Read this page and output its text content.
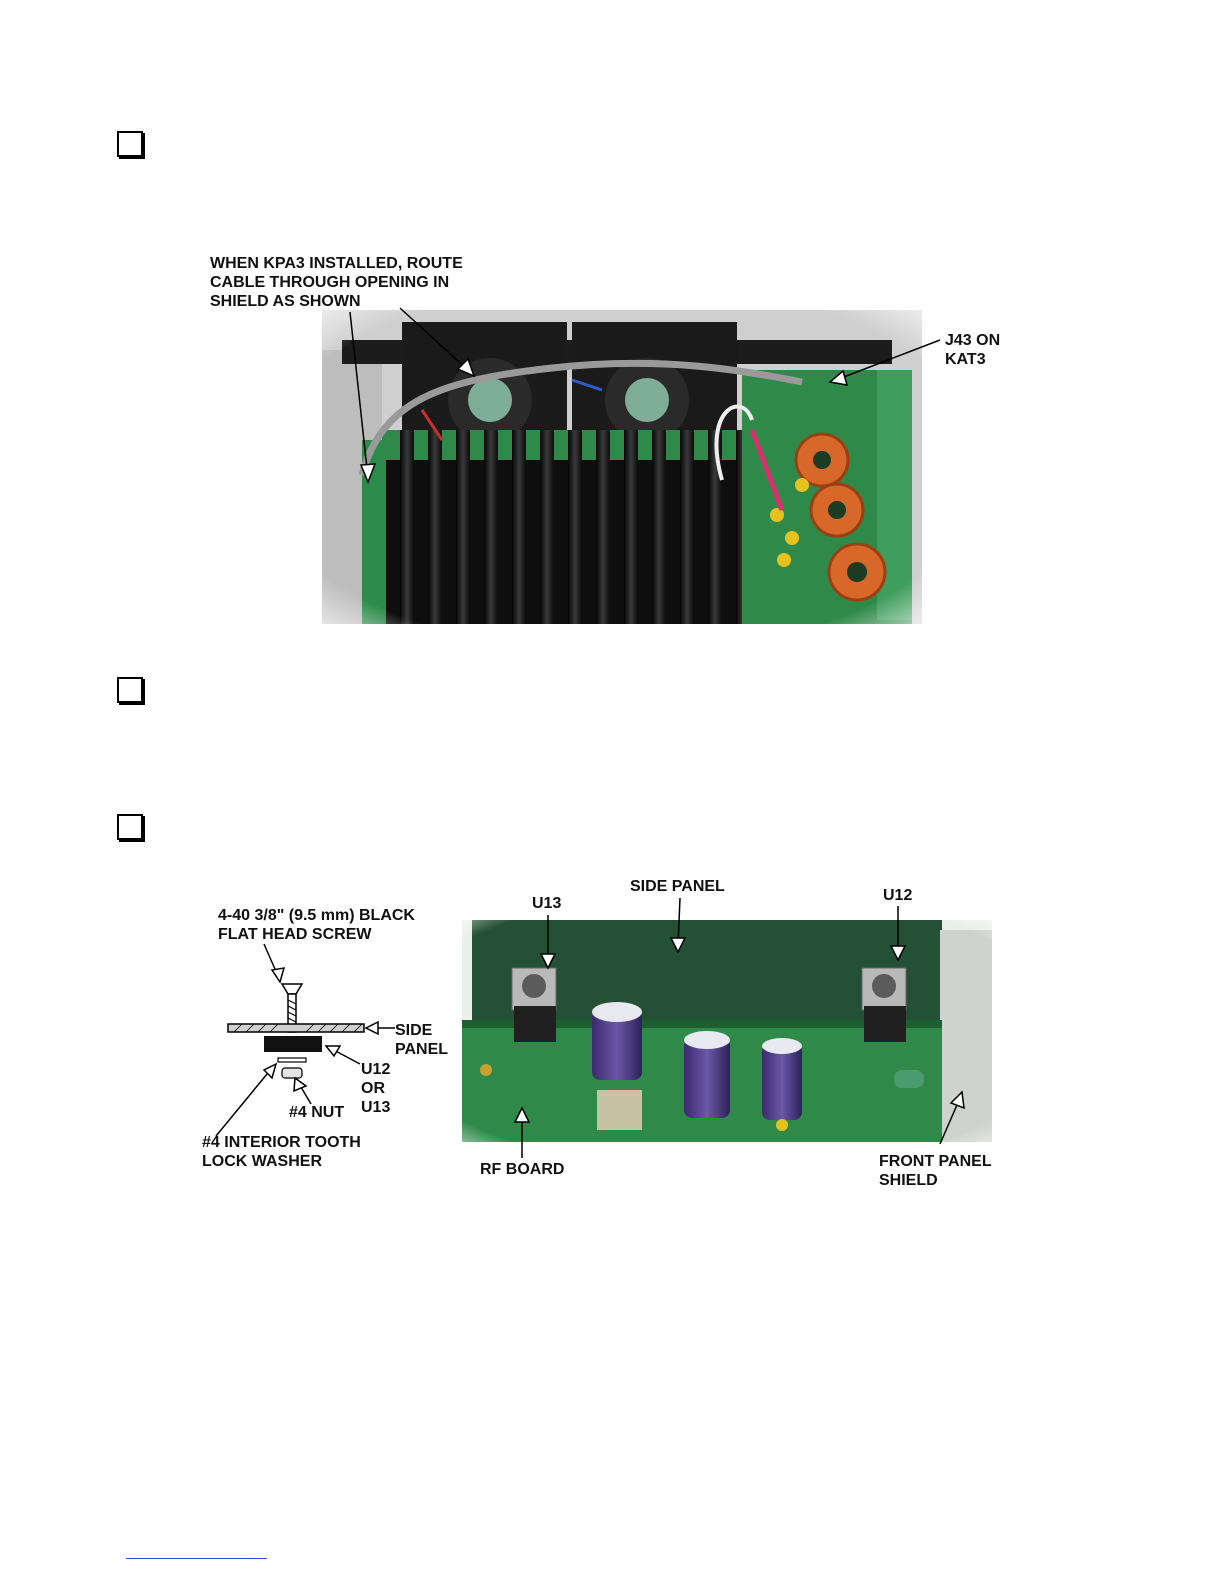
WHEN KPA3 INSTALLED, ROUTE
CABLE THROUGH OPENING IN
SHIELD AS SHOWN
J43 ON
KAT3
4-40 3/8" (9.5 mm) BLACK
FLAT HEAD SCREW
SIDE
PANEL
U12
OR
U13
#4 NUT
#4 INTERIOR TOOTH
LOCK WASHER
SIDE PANEL
U13	U12
RF BOARD	FRONT PANEL
SHIELD
